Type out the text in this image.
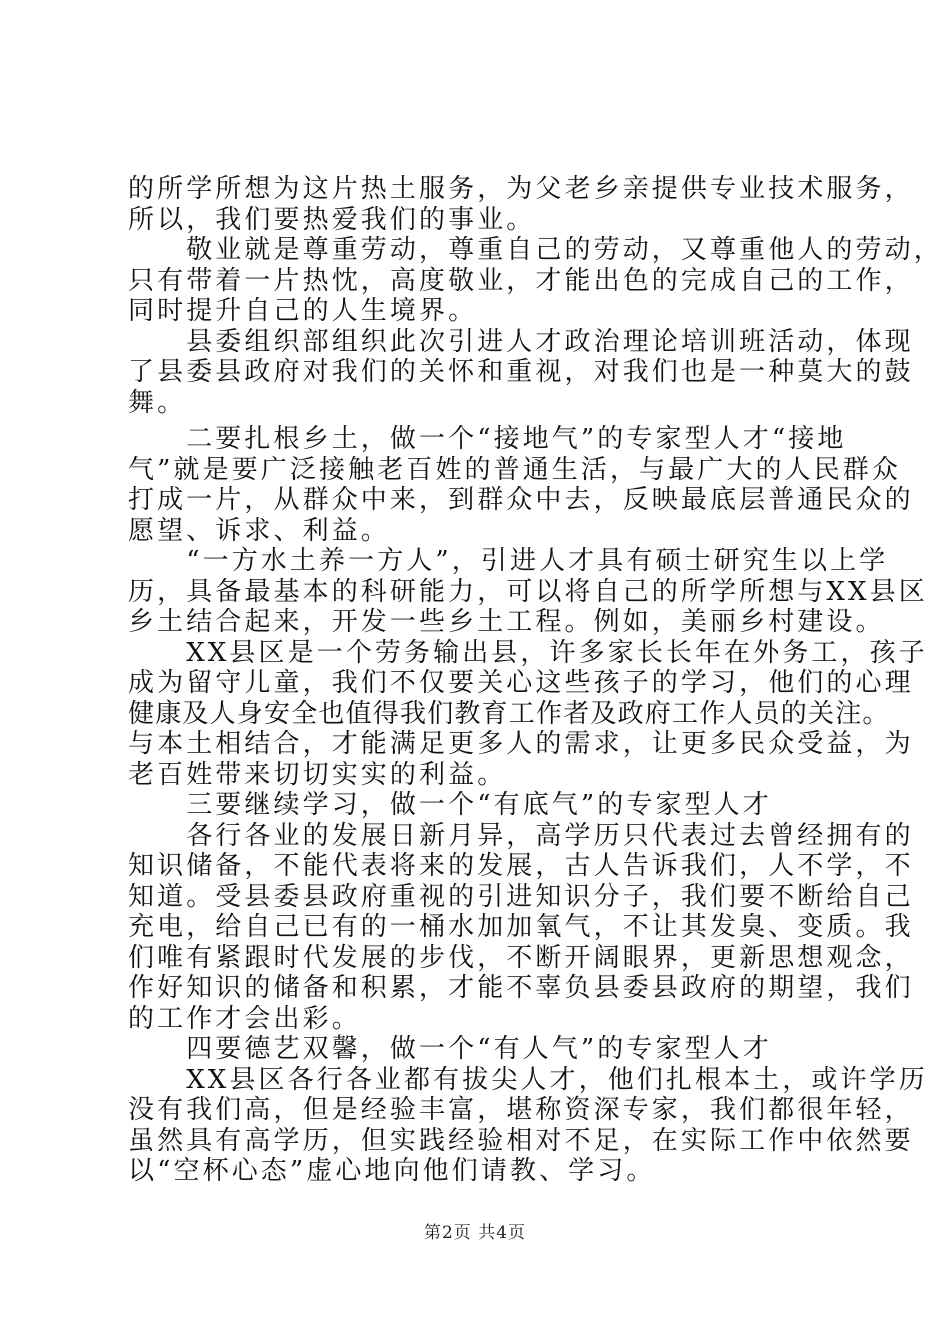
的所学所想为这片热土服务，为父老乡亲提供专业技术服务，
所以，我们要热爱我们的事业。
　　敬业就是尊重劳动，尊重自己的劳动，又尊重他人的劳动，
只有带着一片热忱，高度敬业，才能出色的完成自己的工作，
同时提升自己的人生境界。
　　县委组织部组织此次引进人才政治理论培训班活动，体现
了县委县政府对我们的关怀和重视，对我们也是一种莫大的鼓
舞。
　　二要扎根乡土，做一个“接地气”的专家型人才“接地
气”就是要广泛接触老百姓的普通生活，与最广大的人民群众
打成一片，从群众中来，到群众中去，反映最底层普通民众的
愿望、诉求、利益。
　　“一方水土养一方人”，引进人才具有硕士研究生以上学
历，具备最基本的科研能力，可以将自己的所学所想与XX县区
乡土结合起来，开发一些乡土工程。例如，美丽乡村建设。
　　XX县区是一个劳务输出县，许多家长长年在外务工，孩子
成为留守儿童，我们不仅要关心这些孩子的学习，他们的心理
健康及人身安全也值得我们教育工作者及政府工作人员的关注。
与本土相结合，才能满足更多人的需求，让更多民众受益，为
老百姓带来切切实实的利益。
　　三要继续学习，做一个“有底气”的专家型人才
　　各行各业的发展日新月异，高学历只代表过去曾经拥有的
知识储备，不能代表将来的发展，古人告诉我们，人不学，不
知道。受县委县政府重视的引进知识分子，我们要不断给自己
充电，给自己已有的一桶水加加氧气，不让其发臭、变质。我
们唯有紧跟时代发展的步伐，不断开阔眼界，更新思想观念，
作好知识的储备和积累，才能不辜负县委县政府的期望，我们
的工作才会出彩。
　　四要德艺双馨，做一个“有人气”的专家型人才
　　XX县区各行各业都有拔尖人才，他们扎根本土，或许学历
没有我们高，但是经验丰富，堪称资深专家，我们都很年轻，
虽然具有高学历，但实践经验相对不足，在实际工作中依然要
以“空杯心态”虚心地向他们请教、学习。
第2页 共4页
